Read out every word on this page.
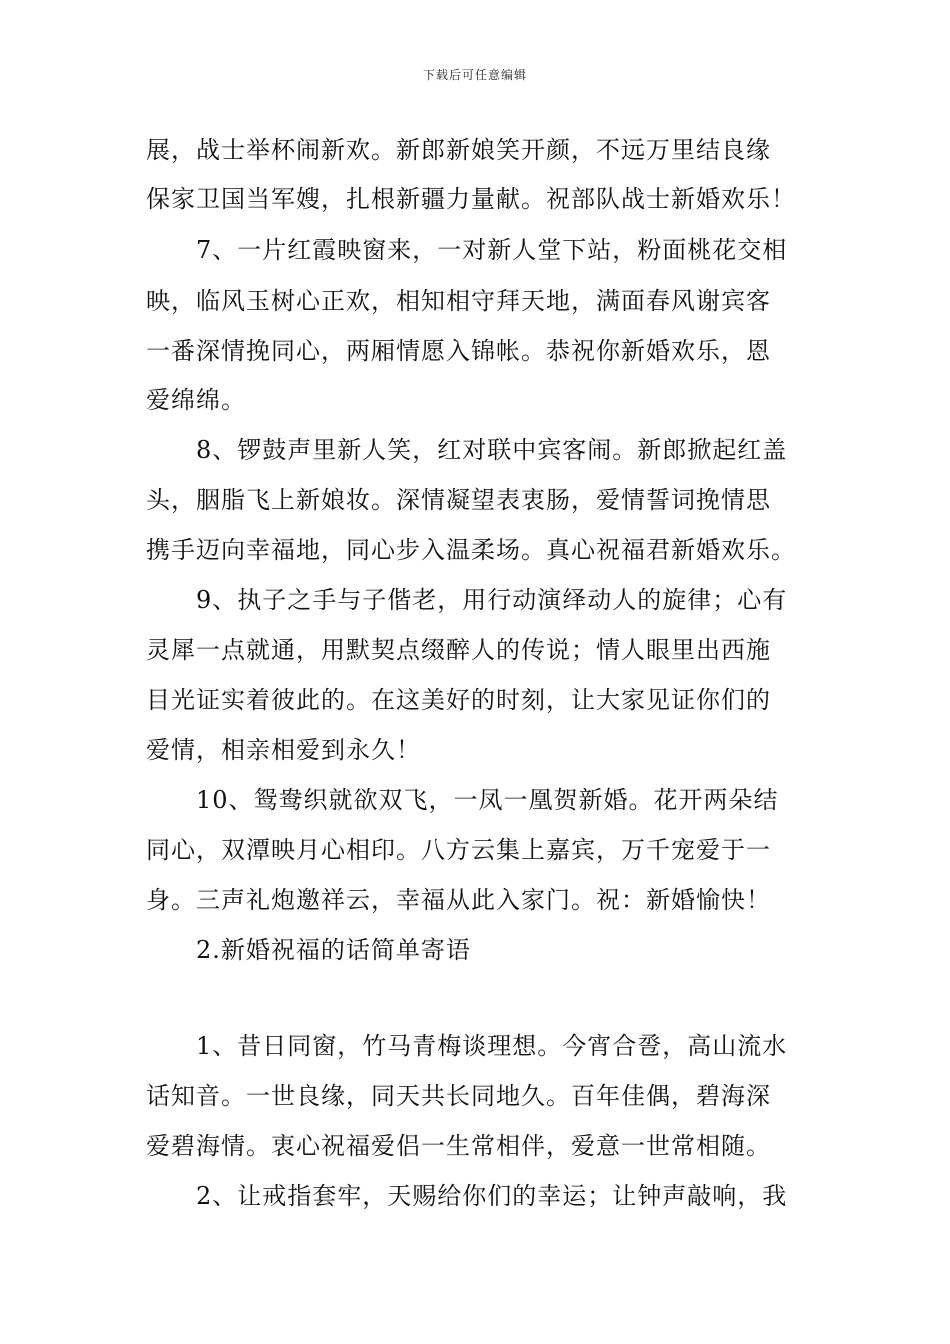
下载后可任意编辑
展，战士举杯闹新欢。新郎新娘笑开颜，不远万里结良缘
保家卫国当军嫂，扎根新疆力量献。祝部队战士新婚欢乐！
7、一片红霞映窗来，一对新人堂下站，粉面桃花交相
映，临风玉树心正欢，相知相守拜天地，满面春风谢宾客
一番深情挽同心，两厢情愿入锦帐。恭祝你新婚欢乐，恩
爱绵绵。
8、锣鼓声里新人笑，红对联中宾客闹。新郎掀起红盖
头，胭脂飞上新娘妆。深情凝望表衷肠，爱情誓词挽情思
携手迈向幸福地，同心步入温柔场。真心祝福君新婚欢乐。
9、执子之手与子偕老，用行动演绎动人的旋律；心有
灵犀一点就通，用默契点缀醉人的传说；情人眼里出西施
目光证实着彼此的。在这美好的时刻，让大家见证你们的
爱情，相亲相爱到永久！
10、鸳鸯织就欲双飞，一凤一凰贺新婚。花开两朵结
同心，双潭映月心相印。八方云集上嘉宾，万千宠爱于一
身。三声礼炮邀祥云，幸福从此入家门。祝：新婚愉快！
2.新婚祝福的话简单寄语
1、昔日同窗，竹马青梅谈理想。今宵合卺，高山流水
话知音。一世良缘，同天共长同地久。百年佳偶，碧海深
爱碧海情。衷心祝福爱侣一生常相伴，爱意一世常相随。
2、让戒指套牢，天赐给你们的幸运；让钟声敲响，我
